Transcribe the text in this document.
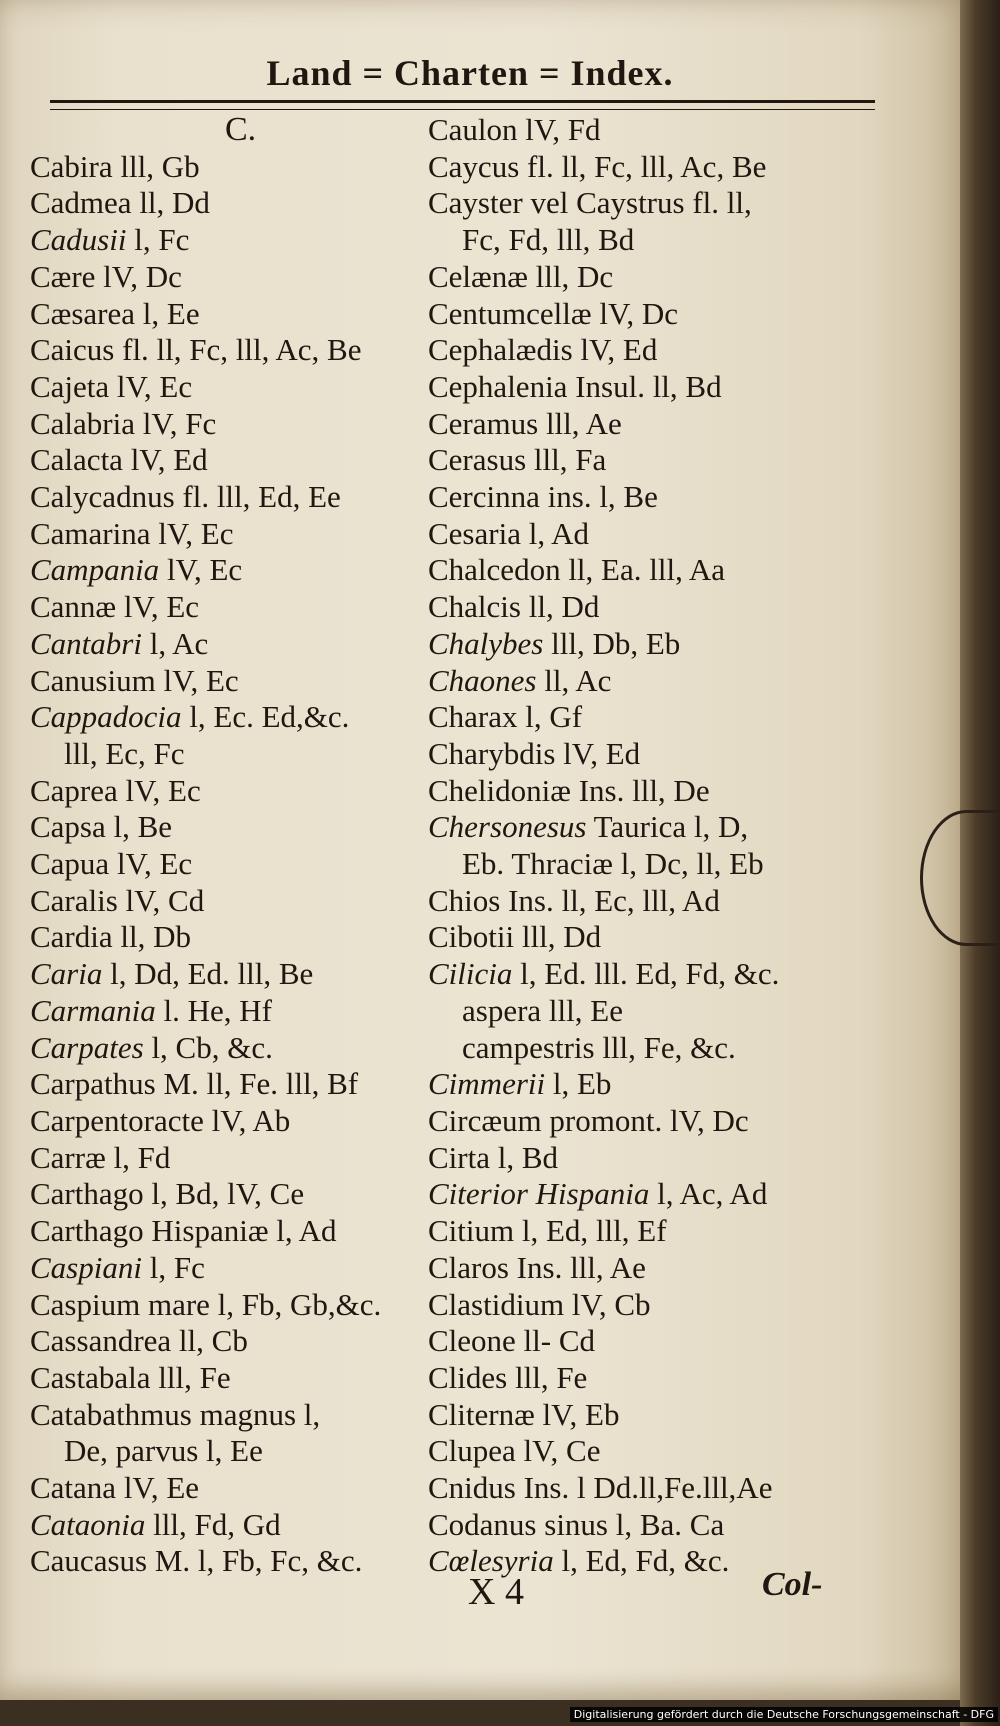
Land = Charten = Index.
C.
Cabira lll, Gb
Cadmea ll, Dd
Cadusii l, Fc
Cære lV, Dc
Cæsarea l, Ee
Caicus fl. ll, Fc, lll, Ac, Be
Cajeta lV, Ec
Calabria lV, Fc
Calacta lV, Ed
Calycadnus fl. lll, Ed, Ee
Camarina lV, Ec
Campania lV, Ec
Cannæ lV, Ec
Cantabri l, Ac
Canusium lV, Ec
Cappadocia l, Ec. Ed,&c.
lll, Ec, Fc
Caprea lV, Ec
Capsa l, Be
Capua lV, Ec
Caralis lV, Cd
Cardia ll, Db
Caria l, Dd, Ed. lll, Be
Carmania l. He, Hf
Carpates l, Cb, &c.
Carpathus M. ll, Fe. lll, Bf
Carpentoracte lV, Ab
Carræ l, Fd
Carthago l, Bd, lV, Ce
Carthago Hispaniæ l, Ad
Caspiani l, Fc
Caspium mare l, Fb, Gb,&c.
Cassandrea ll, Cb
Castabala lll, Fe
Catabathmus magnus l,
De, parvus l, Ee
Catana lV, Ee
Cataonia lll, Fd, Gd
Caucasus M. l, Fb, Fc, &c.
Caulon lV, Fd
Caycus fl. ll, Fc, lll, Ac, Be
Cayster vel Caystrus fl. ll,
Fc, Fd, lll, Bd
Celænæ lll, Dc
Centumcellæ lV, Dc
Cephalædis lV, Ed
Cephalenia Insul. ll, Bd
Ceramus lll, Ae
Cerasus lll, Fa
Cercinna ins. l, Be
Cesaria l, Ad
Chalcedon ll, Ea. lll, Aa
Chalcis ll, Dd
Chalybes lll, Db, Eb
Chaones ll, Ac
Charax l, Gf
Charybdis lV, Ed
Chelidoniæ Ins. lll, De
Chersonesus Taurica l, D,
Eb. Thraciæ l, Dc, ll, Eb
Chios Ins. ll, Ec, lll, Ad
Cibotii lll, Dd
Cilicia l, Ed. lll. Ed, Fd, &c.
aspera lll, Ee
campestris lll, Fe, &c.
Cimmerii l, Eb
Circæum promont. lV, Dc
Cirta l, Bd
Citerior Hispania l, Ac, Ad
Citium l, Ed, lll, Ef
Claros Ins. lll, Ae
Clastidium lV, Cb
Cleone ll- Cd
Clides lll, Fe
Cliternæ lV, Eb
Clupea lV, Ce
Cnidus Ins. l Dd.ll,Fe.lll,Ae
Codanus sinus l, Ba. Ca
Cœlesyria l, Ed, Fd, &c.
X 4	Col-
Digitalisierung gefördert durch die Deutsche Forschungsgemeinschaft - DFG
